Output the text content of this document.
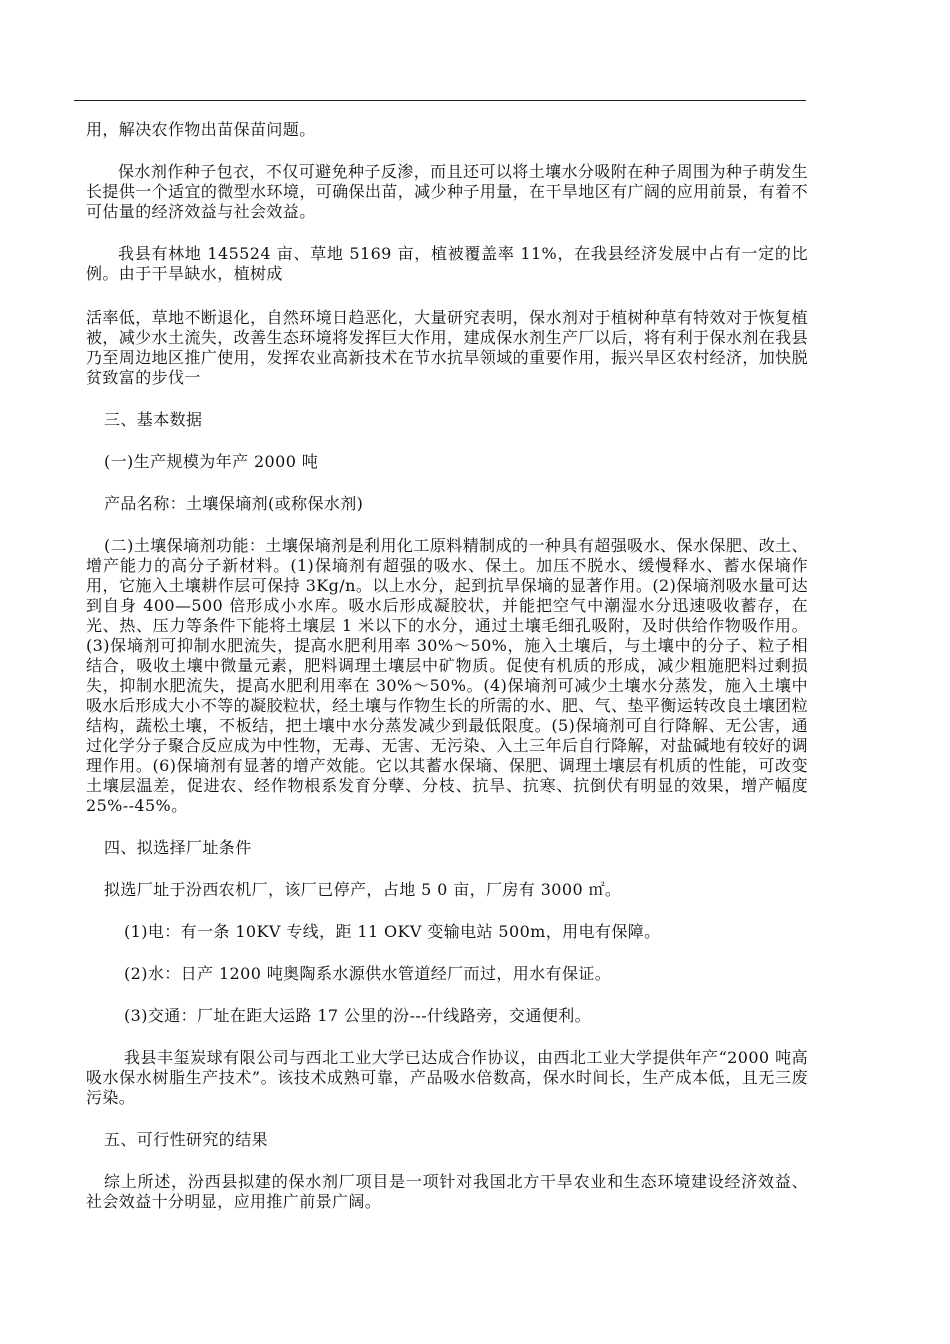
用，解决农作物出苗保苗问题。

保水剂作种子包衣，不仅可避免种子反渗，而且还可以将土壤水分吸附在种子周围为种子萌发生长提供一个适宜的微型水环境，可确保出苗，减少种子用量，在干旱地区有广阔的应用前景，有着不可估量的经济效益与社会效益。

我县有林地 145524 亩、草地 5169 亩，植被覆盖率 11%，在我县经济发展中占有一定的比例。由于干旱缺水，植树成

活率低，草地不断退化，自然环境日趋恶化，大量研究表明，保水剂对于植树种草有特效对于恢复植被，减少水土流失，改善生态环境将发挥巨大作用，建成保水剂生产厂以后，将有利于保水剂在我县乃至周边地区推广使用，发挥农业高新技术在节水抗旱领域的重要作用，振兴旱区农村经济，加快脱贫致富的步伐一

三、基本数据

(一)生产规模为年产 2000 吨

产品名称：土壤保墒剂(或称保水剂)

(二)土壤保墒剂功能：土壤保墒剂是利用化工原料精制成的一种具有超强吸水、保水保肥、改土、增产能力的高分子新材料。(1)保墒剂有超强的吸水、保土。加压不脱水、缓慢释水、蓄水保墒作用，它施入土壤耕作层可保持 3Kg/n。以上水分，起到抗旱保墒的显著作用。(2)保墒剂吸水量可达到自身 400—500 倍形成小水库。吸水后形成凝胶状，并能把空气中潮湿水分迅速吸收蓄存，在光、热、压力等条件下能将土壤层 1 米以下的水分，通过土壤毛细孔吸附，及时供给作物吸作用。(3)保墒剂可抑制水肥流失，提高水肥利用率 30%～50%，施入土壤后，与土壤中的分子、粒子相结合，吸收土壤中微量元素，肥料调理土壤层中矿物质。促使有机质的形成，减少粗施肥料过剩损失，抑制水肥流失，提高水肥利用率在 30%～50%。(4)保墒剂可减少土壤水分蒸发，施入土壤中吸水后形成大小不等的凝胶粒状，经土壤与作物生长的所需的水、肥、气、垫平衡运转改良土壤团粒结构，蔬松土壤，不板结，把土壤中水分蒸发减少到最低限度。(5)保墒剂可自行降解、无公害，通过化学分子聚合反应成为中性物，无毒、无害、无污染、入土三年后自行降解，对盐碱地有较好的调理作用。(6)保墒剂有显著的增产效能。它以其蓄水保墒、保肥、调理土壤层有机质的性能，可改变土壤层温差，促进农、经作物根系发育分孽、分枝、抗旱、抗寒、抗倒伏有明显的效果，增产幅度 25%--45%。

四、拟选择厂址条件

拟选厂址于汾西农机厂，该厂已停产，占地 5 0 亩，厂房有 3000 ㎡。

(1)电：有一条 10KV 专线，距 11 OKV 变输电站 500m，用电有保障。

(2)水：日产 1200 吨奥陶系水源供水管道经厂而过，用水有保证。

(3)交通：厂址在距大运路 17 公里的汾---什线路旁，交通便利。

我县丰玺炭球有限公司与西北工业大学已达成合作协议，由西北工业大学提供年产“2000 吨高吸水保水树脂生产技术”。该技术成熟可靠，产品吸水倍数高，保水时间长，生产成本低，且无三废污染。

五、可行性研究的结果

综上所述，汾西县拟建的保水剂厂项目是一项针对我国北方干旱农业和生态环境建设经济效益、社会效益十分明显，应用推广前景广阔。
